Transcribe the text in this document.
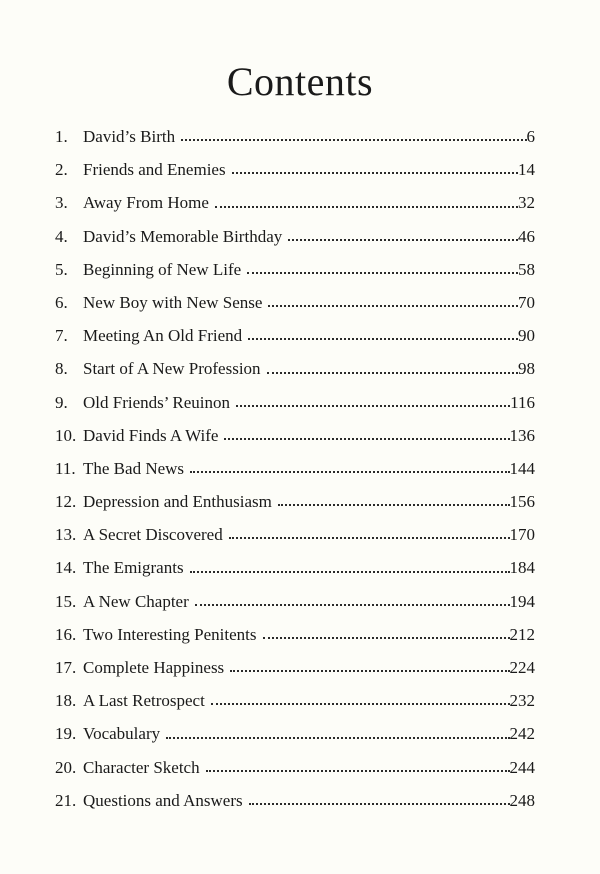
Contents
1. David’s Birth	6
2. Friends and Enemies	14
3. Away From Home	32
4. David’s Memorable Birthday	46
5. Beginning of New Life	58
6. New Boy with New Sense	70
7. Meeting An Old Friend	90
8. Start of A New Profession	98
9. Old Friends’ Reuinon	116
10. David Finds A Wife	136
11. The Bad News	144
12. Depression and Enthusiasm	156
13. A Secret Discovered	170
14. The Emigrants	184
15. A New Chapter	194
16. Two Interesting Penitents	212
17. Complete Happiness	224
18. A Last Retrospect	232
19. Vocabulary	242
20. Character Sketch	244
21. Questions and Answers	248
